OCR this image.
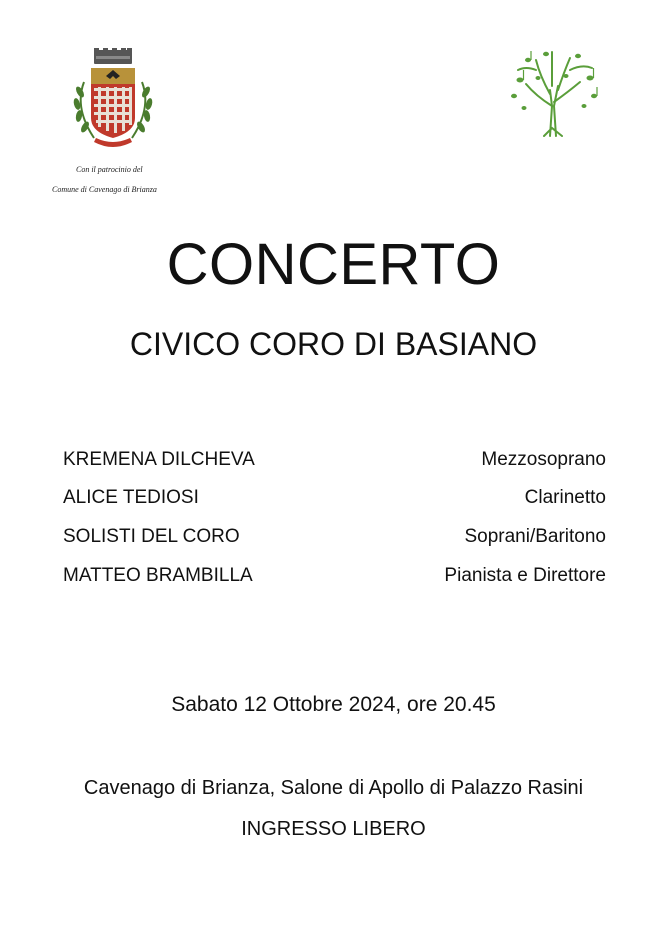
Con il patrocinio del
Comune di Cavenago di Brianza
CONCERTO
CIVICO CORO DI BASIANO
KREMENA DILCHEVA	Mezzosoprano
ALICE TEDIOSI	Clarinetto
SOLISTI DEL CORO	Soprani/Baritono
MATTEO BRAMBILLA	Pianista e Direttore
Sabato 12 Ottobre 2024, ore 20.45
Cavenago di Brianza, Salone di Apollo di Palazzo Rasini
INGRESSO LIBERO
